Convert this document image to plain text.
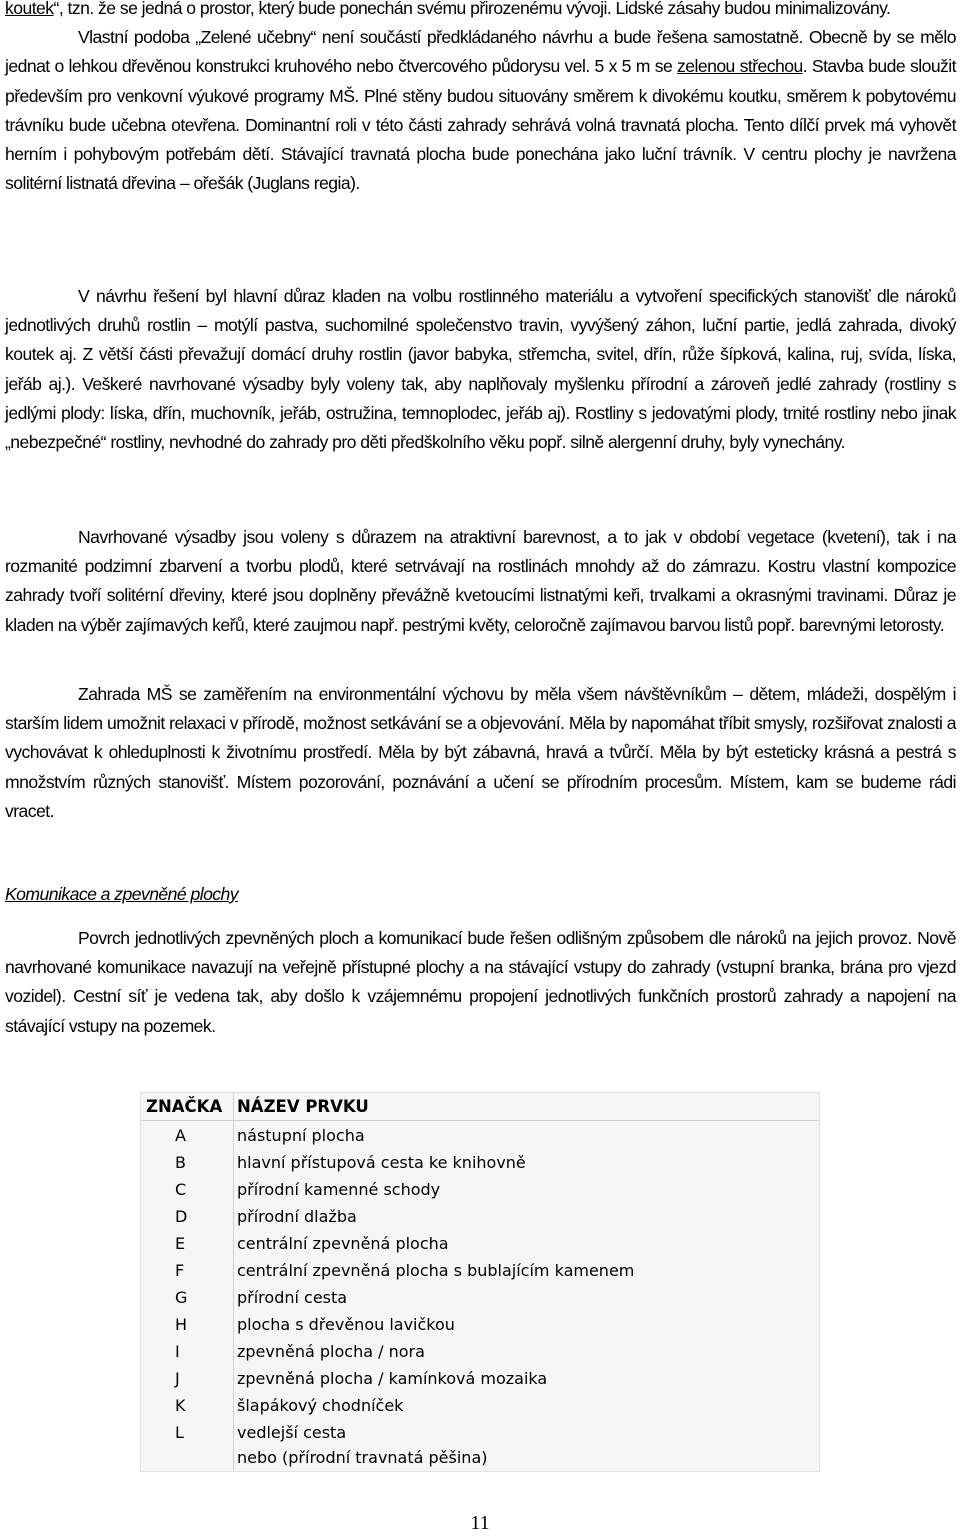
koutek“, tzn. že se jedná o prostor, který bude ponechán svému přirozenému vývoji. Lidské zásahy budou minimalizovány.

Vlastní podoba „Zelené učebny“ není součástí předkládaného návrhu a bude řešena samostatně. Obecně by se mělo jednat o lehkou dřevěnou konstrukci kruhového nebo čtvercového půdorysu vel. 5 x 5 m se zelenou střechou. Stavba bude sloužit především pro venkovní výukové programy MŠ. Plné stěny budou situovány směrem k divokému koutku, směrem k pobytovému trávníku bude učebna otevřena. Dominantní roli v této části zahrady sehrává volná travnatá plocha. Tento dílčí prvek má vyhovět herním i pohybovým potřebám dětí. Stávající travnatá plocha bude ponechána jako luční trávník. V centru plochy je navržena solitérní listnatá dřevina – ořešák (Juglans regia).

V návrhu řešení byl hlavní důraz kladen na volbu rostlinného materiálu a vytvoření specifických stanovišť dle nároků jednotlivých druhů rostlin – motýlí pastva, suchomilné společenstvo travin, vyvýšený záhon, luční partie, jedlá zahrada, divoký koutek aj. Z větší části převažují domácí druhy rostlin (javor babyka, střemcha, svitel, dřín, růže šípková, kalina, ruj, svída, líska, jeřáb aj.). Veškeré navrhované výsadby byly voleny tak, aby naplňovaly myšlenku přírodní a zároveň jedlé zahrady (rostliny s jedlými plody: líska, dřín, muchovník, jeřáb, ostružina, temnoplodec, jeřáb aj). Rostliny s jedovatými plody, trnité rostliny nebo jinak „nebezpečné“ rostliny, nevhodné do zahrady pro děti předškolního věku popř. silně alergenní druhy, byly vynechány.

Navrhované výsadby jsou voleny s důrazem na atraktivní barevnost, a to jak v období vegetace (kvetení), tak i na rozmanité podzimní zbarvení a tvorbu plodů, které setrvávají na rostlinách mnohdy až do zámrazu. Kostru vlastní kompozice zahrady tvoří solitérní dřeviny, které jsou doplněny převážně kvetoucími listnatými keři, trvalkami a okrasnými travinami. Důraz je kladen na výběr zajímavých keřů, které zaujmou např. pestrými květy, celoročně zajímavou barvou listů popř. barevnými letorosty.

Zahrada MŠ se zaměřením na environmentální výchovu by měla všem návštěvníkům – dětem, mládeži, dospělým i starším lidem umožnit relaxaci v přírodě, možnost setkávání se a objevování. Měla by napomáhat tříbit smysly, rozšiřovat znalosti a vychovávat k ohleduplnosti k životnímu prostředí. Měla by být zábavná, hravá a tvůrčí. Měla by být esteticky krásná a pestrá s množstvím různých stanovišť. Místem pozorování, poznávání a učení se přírodním procesům. Místem, kam se budeme rádi vracet.

Komunikace a zpevněné plochy

Povrch jednotlivých zpevněných ploch a komunikací bude řešen odlišným způsobem dle nároků na jejich provoz. Nově navrhované komunikace navazují na veřejně přístupné plochy a na stávající vstupy do zahrady (vstupní branka, brána pro vjezd vozidel). Cestní síť je vedena tak, aby došlo k vzájemnému propojení jednotlivých funkčních prostorů zahrady a napojení na stávající vstupy na pozemek.

ZNAČKA NÁZEV PRVKU
A	nástupní plocha
B	hlavní přístupová cesta ke knihovně
C	přírodní kamenné schody
D	přírodní dlažba
E	centrální zpevněná plocha
F	centrální zpevněná plocha s bublajícím kamenem
G	přírodní cesta
H	plocha s dřevěnou lavičkou
I	zpevněná plocha / nora
J	zpevněná plocha / kamínková mozaika
K	šlapákový chodníček
L	vedlejší cesta
nebo (přírodní travnatá pěšina)
11
